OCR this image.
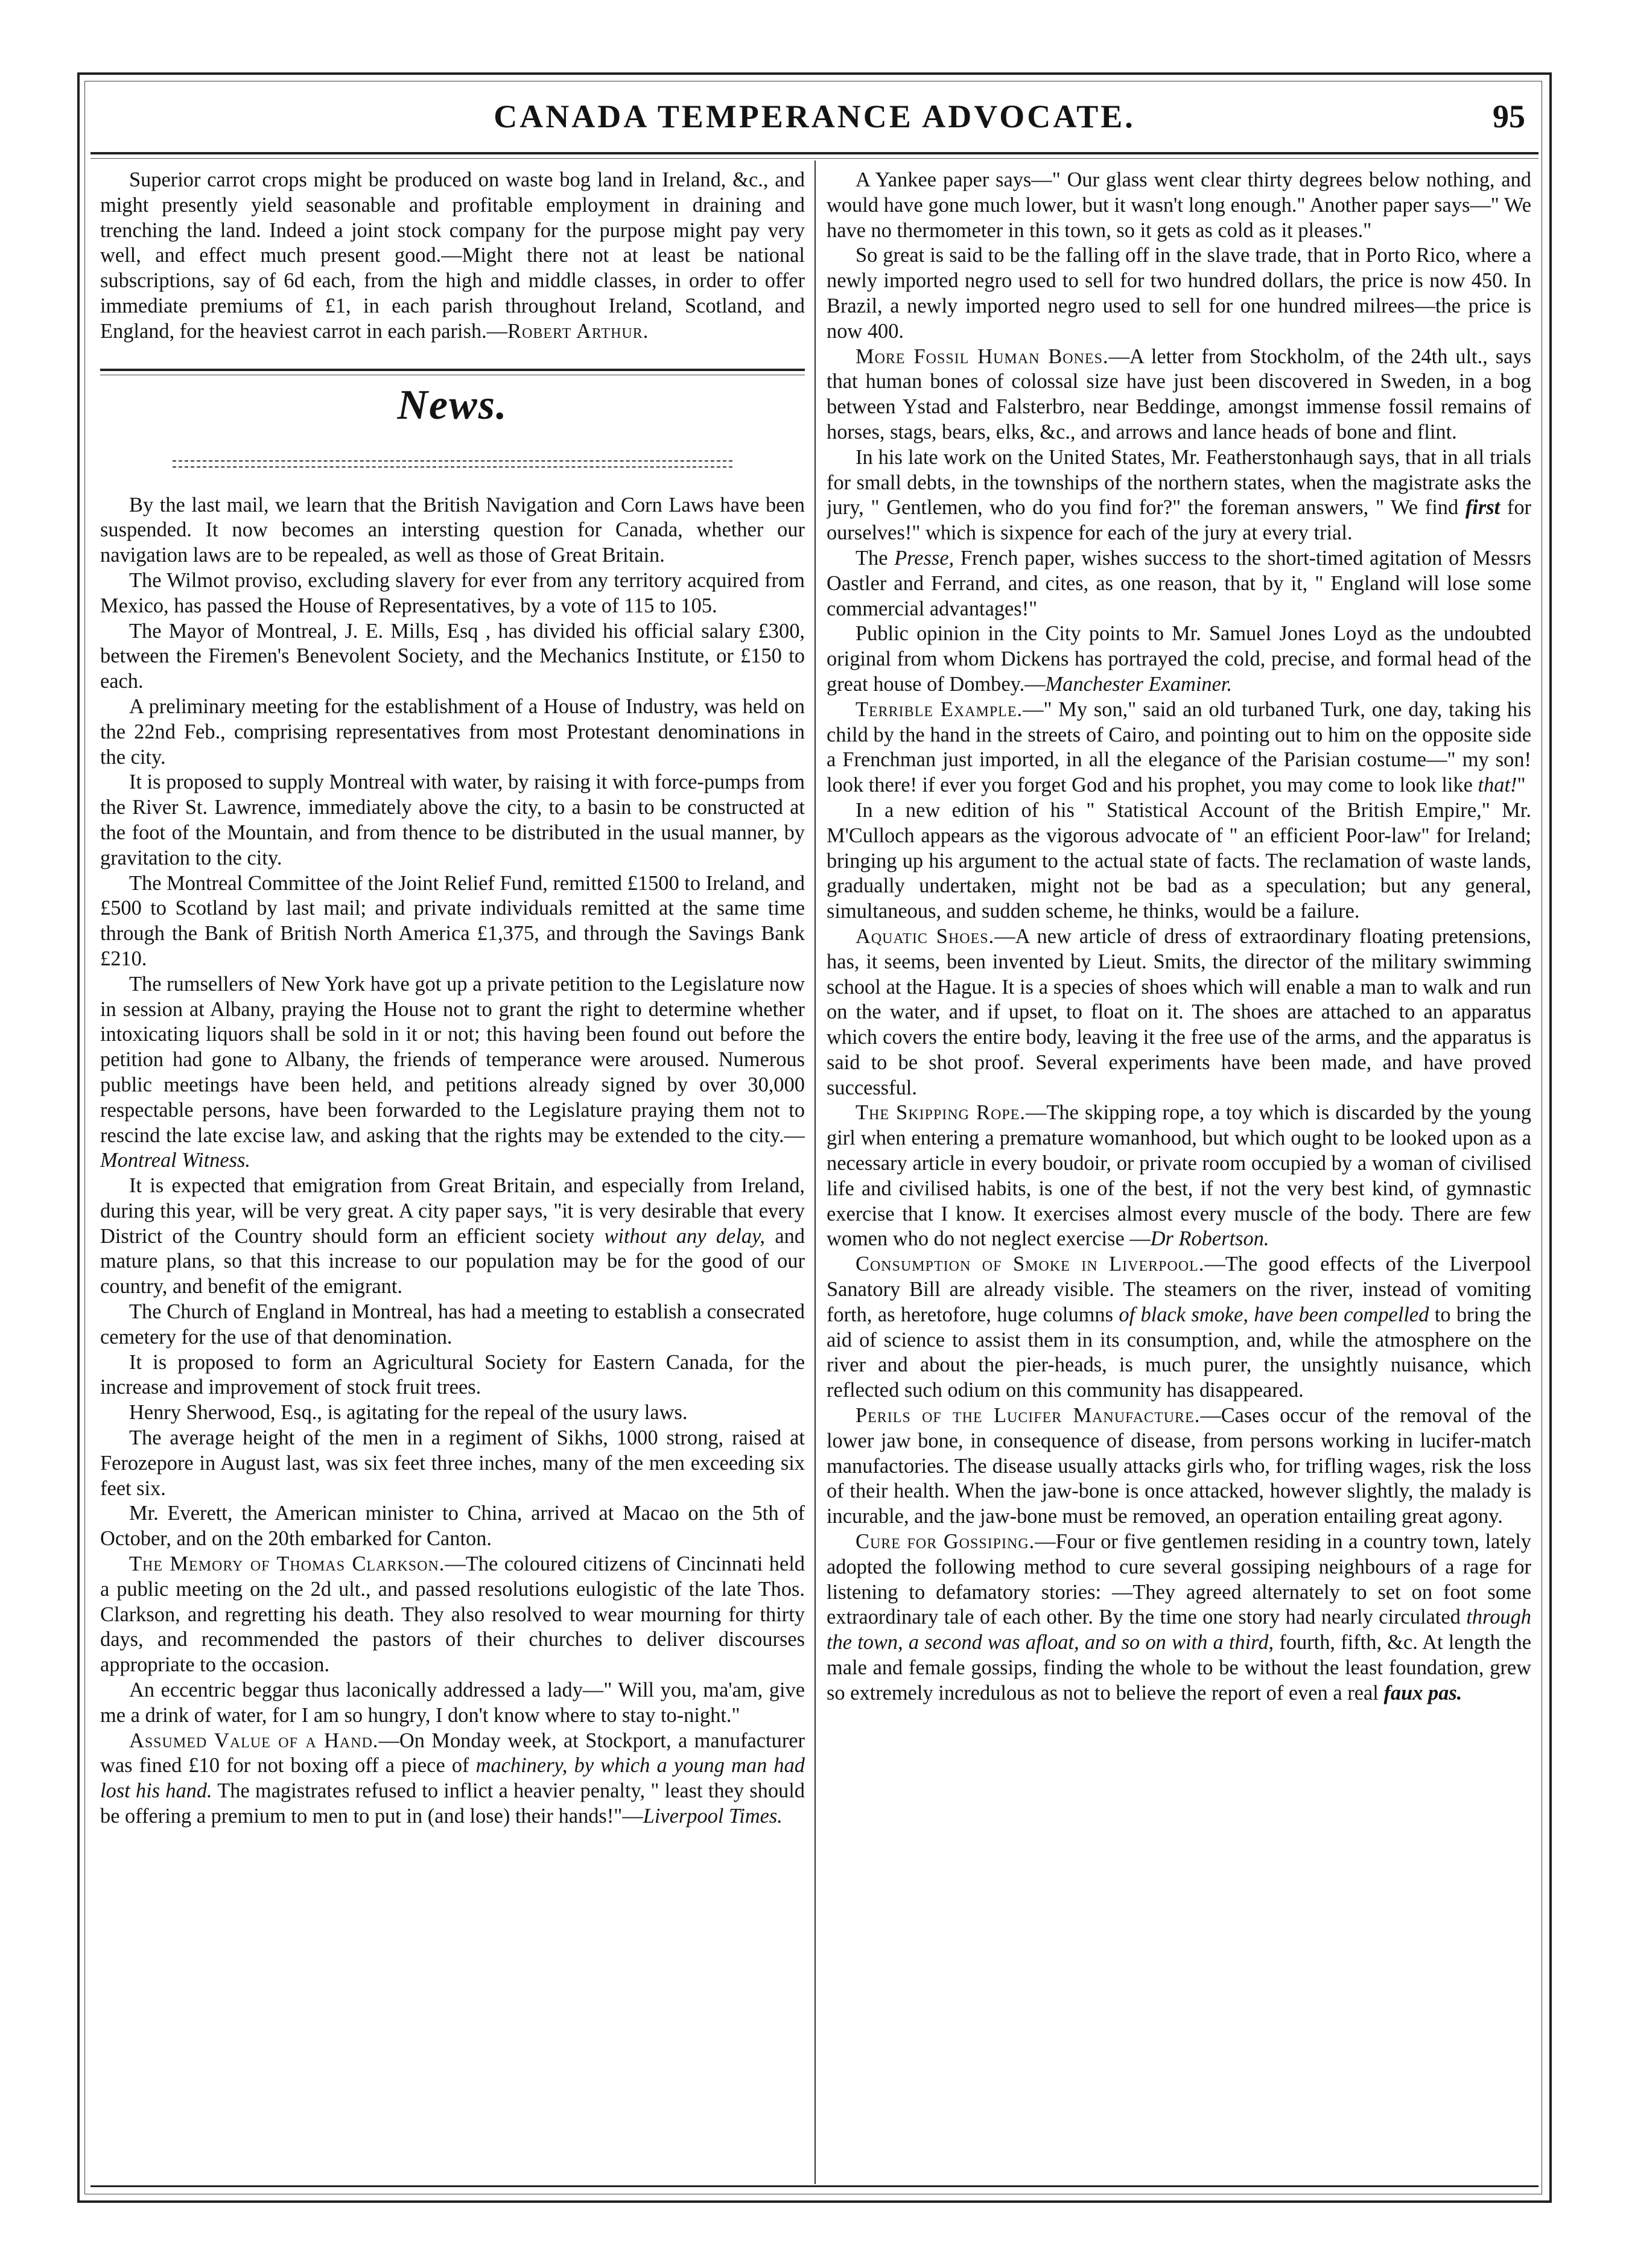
CANADA TEMPERANCE ADVOCATE.	95

Superior carrot crops might be produced on waste bog land in Ireland, &c., and might presently yield seasonable and profitable employment in draining and trenching the land. Indeed a joint stock company for the purpose might pay very well, and effect much present good.—Might there not at least be national subscriptions, say of 6d each, from the high and middle classes, in order to offer immediate premiums of £1, in each parish throughout Ireland, Scotland, and England, for the heaviest carrot in each parish.—Robert Arthur.

News.

By the last mail, we learn that the British Navigation and Corn Laws have been suspended. It now becomes an intersting question for Canada, whether our navigation laws are to be repealed, as well as those of Great Britain.

The Wilmot proviso, excluding slavery for ever from any territory acquired from Mexico, has passed the House of Representatives, by a vote of 115 to 105.

The Mayor of Montreal, J. E. Mills, Esq , has divided his official salary £300, between the Firemen's Benevolent Society, and the Mechanics Institute, or £150 to each.

A preliminary meeting for the establishment of a House of Industry, was held on the 22nd Feb., comprising representatives from most Protestant denominations in the city.

It is proposed to supply Montreal with water, by raising it with force-pumps from the River St. Lawrence, immediately above the city, to a basin to be constructed at the foot of the Mountain, and from thence to be distributed in the usual manner, by gravitation to the city.

The Montreal Committee of the Joint Relief Fund, remitted £1500 to Ireland, and £500 to Scotland by last mail; and private individuals remitted at the same time through the Bank of British North America £1,375, and through the Savings Bank £210.

The rumsellers of New York have got up a private petition to the Legislature now in session at Albany, praying the House not to grant the right to determine whether intoxicating liquors shall be sold in it or not; this having been found out before the petition had gone to Albany, the friends of temperance were aroused. Numerous public meetings have been held, and petitions already signed by over 30,000 respectable persons, have been forwarded to the Legislature praying them not to rescind the late excise law, and asking that the rights may be extended to the city.—Montreal Witness.

It is expected that emigration from Great Britain, and especially from Ireland, during this year, will be very great. A city paper says, "it is very desirable that every District of the Country should form an efficient society without any delay, and mature plans, so that this increase to our population may be for the good of our country, and benefit of the emigrant.

The Church of England in Montreal, has had a meeting to establish a consecrated cemetery for the use of that denomination.

It is proposed to form an Agricultural Society for Eastern Canada, for the increase and improvement of stock fruit trees.

Henry Sherwood, Esq., is agitating for the repeal of the usury laws.

The average height of the men in a regiment of Sikhs, 1000 strong, raised at Ferozepore in August last, was six feet three inches, many of the men exceeding six feet six.

Mr. Everett, the American minister to China, arrived at Macao on the 5th of October, and on the 20th embarked for Canton.

The Memory of Thomas Clarkson.—The coloured citizens of Cincinnati held a public meeting on the 2d ult., and passed resolutions eulogistic of the late Thos. Clarkson, and regretting his death. They also resolved to wear mourning for thirty days, and recommended the pastors of their churches to deliver discourses appropriate to the occasion.

An eccentric beggar thus laconically addressed a lady—" Will you, ma'am, give me a drink of water, for I am so hungry, I don't know where to stay to-night."

Assumed Value of a Hand.—On Monday week, at Stockport, a manufacturer was fined £10 for not boxing off a piece of machinery, by which a young man had lost his hand. The magistrates refused to inflict a heavier penalty, " least they should be offering a premium to men to put in (and lose) their hands!"—Liverpool Times.

A Yankee paper says—" Our glass went clear thirty degrees below nothing, and would have gone much lower, but it wasn't long enough." Another paper says—" We have no thermometer in this town, so it gets as cold as it pleases."

So great is said to be the falling off in the slave trade, that in Porto Rico, where a newly imported negro used to sell for two hundred dollars, the price is now 450. In Brazil, a newly imported negro used to sell for one hundred milrees—the price is now 400.

More Fossil Human Bones.—A letter from Stockholm, of the 24th ult., says that human bones of colossal size have just been discovered in Sweden, in a bog between Ystad and Falsterbro, near Beddinge, amongst immense fossil remains of horses, stags, bears, elks, &c., and arrows and lance heads of bone and flint.

In his late work on the United States, Mr. Featherstonhaugh says, that in all trials for small debts, in the townships of the northern states, when the magistrate asks the jury, " Gentlemen, who do you find for?" the foreman answers, " We find first for ourselves!" which is sixpence for each of the jury at every trial.

The Presse, French paper, wishes success to the short-timed agitation of Messrs Oastler and Ferrand, and cites, as one reason, that by it, " England will lose some commercial advantages!"

Public opinion in the City points to Mr. Samuel Jones Loyd as the undoubted original from whom Dickens has portrayed the cold, precise, and formal head of the great house of Dombey.—Manchester Examiner.

Terrible Example.—" My son," said an old turbaned Turk, one day, taking his child by the hand in the streets of Cairo, and pointing out to him on the opposite side a Frenchman just imported, in all the elegance of the Parisian costume—" my son! look there! if ever you forget God and his prophet, you may come to look like that!"

In a new edition of his " Statistical Account of the British Empire," Mr. M'Culloch appears as the vigorous advocate of " an efficient Poor-law" for Ireland; bringing up his argument to the actual state of facts. The reclamation of waste lands, gradually undertaken, might not be bad as a speculation; but any general, simultaneous, and sudden scheme, he thinks, would be a failure.

Aquatic Shoes.—A new article of dress of extraordinary floating pretensions, has, it seems, been invented by Lieut. Smits, the director of the military swimming school at the Hague. It is a species of shoes which will enable a man to walk and run on the water, and if upset, to float on it. The shoes are attached to an apparatus which covers the entire body, leaving it the free use of the arms, and the apparatus is said to be shot proof. Several experiments have been made, and have proved successful.

The Skipping Rope.—The skipping rope, a toy which is discarded by the young girl when entering a premature womanhood, but which ought to be looked upon as a necessary article in every boudoir, or private room occupied by a woman of civilised life and civilised habits, is one of the best, if not the very best kind, of gymnastic exercise that I know. It exercises almost every muscle of the body. There are few women who do not neglect exercise —Dr Robertson.

Consumption of Smoke in Liverpool.—The good effects of the Liverpool Sanatory Bill are already visible. The steamers on the river, instead of vomiting forth, as heretofore, huge columns of black smoke, have been compelled to bring the aid of science to assist them in its consumption, and, while the atmosphere on the river and about the pier-heads, is much purer, the unsightly nuisance, which reflected such odium on this community has disappeared.

Perils of the Lucifer Manufacture.—Cases occur of the removal of the lower jaw bone, in consequence of disease, from persons working in lucifer-match manufactories. The disease usually attacks girls who, for trifling wages, risk the loss of their health. When the jaw-bone is once attacked, however slightly, the malady is incurable, and the jaw-bone must be removed, an operation entailing great agony.

Cure for Gossiping.—Four or five gentlemen residing in a country town, lately adopted the following method to cure several gossiping neighbours of a rage for listening to defamatory stories: —They agreed alternately to set on foot some extraordinary tale of each other. By the time one story had nearly circulated through the town, a second was afloat, and so on with a third, fourth, fifth, &c. At length the male and female gossips, finding the whole to be without the least foundation, grew so extremely incredulous as not to believe the report of even a real faux pas.
